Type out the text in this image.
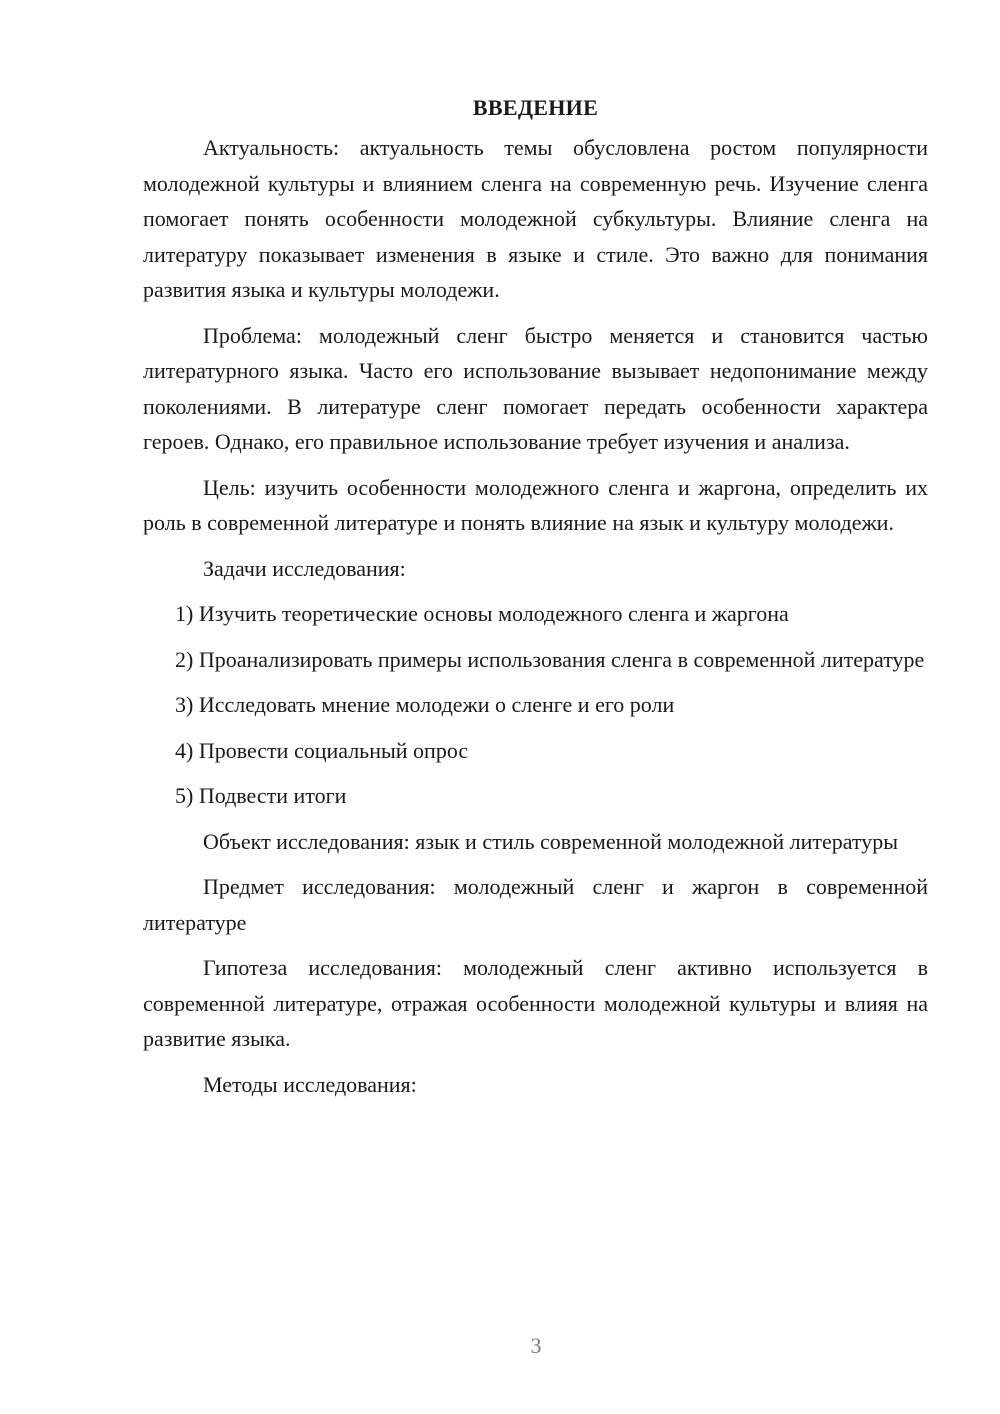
ВВЕДЕНИЕ

Актуальность: актуальность темы обусловлена ростом популярности молодежной культуры и влиянием сленга на современную речь. Изучение сленга помогает понять особенности молодежной субкультуры. Влияние сленга на литературу показывает изменения в языке и стиле. Это важно для понимания развития языка и культуры молодежи.

Проблема: молодежный сленг быстро меняется и становится частью литературного языка. Часто его использование вызывает недопонимание между поколениями. В литературе сленг помогает передать особенности характера героев. Однако, его правильное использование требует изучения и анализа.

Цель: изучить особенности молодежного сленга и жаргона, определить их роль в современной литературе и понять влияние на язык и культуру молодежи.

Задачи исследования:

1) Изучить теоретические основы молодежного сленга и жаргона

2) Проанализировать примеры использования сленга в современной литературе

3) Исследовать мнение молодежи о сленге и его роли

4) Провести социальный опрос

5) Подвести итоги

Объект исследования: язык и стиль современной молодежной литературы

Предмет исследования: молодежный сленг и жаргон в современной литературе

Гипотеза исследования: молодежный сленг активно используется в современной литературе, отражая особенности молодежной культуры и влияя на развитие языка.

Методы исследования:

3
